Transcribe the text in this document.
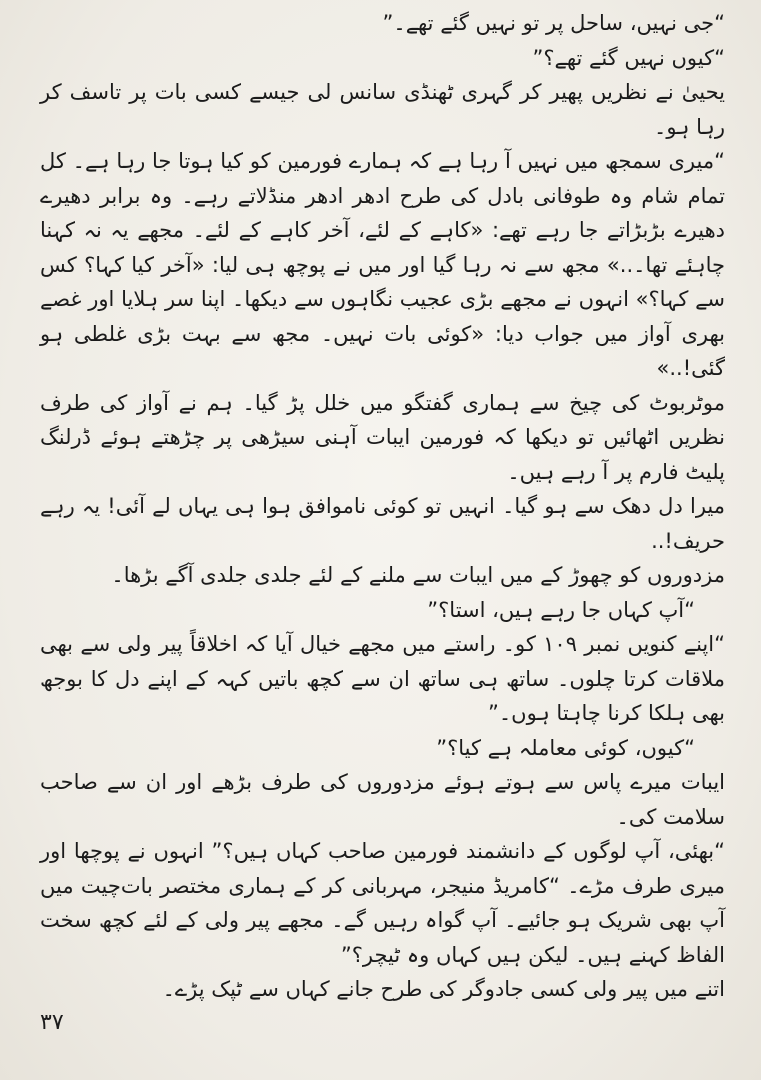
“جی نہیں، ساحل پر تو نہیں گئے تھے۔”

“کیوں نہیں گئے تھے؟”

یحییٰ نے نظریں پھیر کر گہری ٹھنڈی سانس لی جیسے کسی بات پر تاسف کر رہا ہو۔

“میری سمجھ میں نہیں آ رہا ہے کہ ہمارے فورمین کو کیا ہوتا جا رہا ہے۔ کل تمام شام وہ طوفانی بادل کی طرح ادھر ادھر منڈلاتے رہے۔ وہ برابر دھیرے دھیرے بڑبڑاتے جا رہے تھے: «کاہے کے لئے، آخر کاہے کے لئے۔ مجھے یہ نہ کہنا چاہئے تھا۔..» مجھ سے نہ رہا گیا اور میں نے پوچھ ہی لیا: «آخر کیا کہا؟ کس سے کہا؟» انہوں نے مجھے بڑی عجیب نگاہوں سے دیکھا۔ اپنا سر ہلایا اور غصے بھری آواز میں جواب دیا: «کوئی بات نہیں۔ مجھ سے بہت بڑی غلطی ہو گئی!..»

موٹربوٹ کی چیخ سے ہماری گفتگو میں خلل پڑ گیا۔ ہم نے آواز کی طرف نظریں اٹھائیں تو دیکھا کہ فورمین ایبات آہنی سیڑھی پر چڑھتے ہوئے ڈرلنگ پلیٹ فارم پر آ رہے ہیں۔

میرا دل دھک سے ہو گیا۔ انہیں تو کوئی ناموافق ہوا ہی یہاں لے آئی! یہ رہے حریف!..

مزدوروں کو چھوڑ کے میں ایبات سے ملنے کے لئے جلدی جلدی آگے بڑھا۔

“آپ کہاں جا رہے ہیں، استا؟”

“اپنے کنویں نمبر ۱۰۹ کو۔ راستے میں مجھے خیال آیا کہ اخلاقاً پیر ولی سے بھی ملاقات کرتا چلوں۔ ساتھ ہی ساتھ ان سے کچھ باتیں کہہ کے اپنے دل کا بوجھ بھی ہلکا کرنا چاہتا ہوں۔”

“کیوں، کوئی معاملہ ہے کیا؟”

ایبات میرے پاس سے ہوتے ہوئے مزدوروں کی طرف بڑھے اور ان سے صاحب سلامت کی۔

“بھئی، آپ لوگوں کے دانشمند فورمین صاحب کہاں ہیں؟” انہوں نے پوچھا اور میری طرف مڑے۔ “کامریڈ منیجر، مہربانی کر کے ہماری مختصر بات‌چیت میں آپ بھی شریک ہو جائیے۔ آپ گواہ رہیں گے۔ مجھے پیر ولی کے لئے کچھ سخت الفاظ کہنے ہیں۔ لیکن ہیں کہاں وہ ٹیچر؟”

اتنے میں پیر ولی کسی جادوگر کی طرح جانے کہاں سے ٹپک پڑے۔

۳۷
